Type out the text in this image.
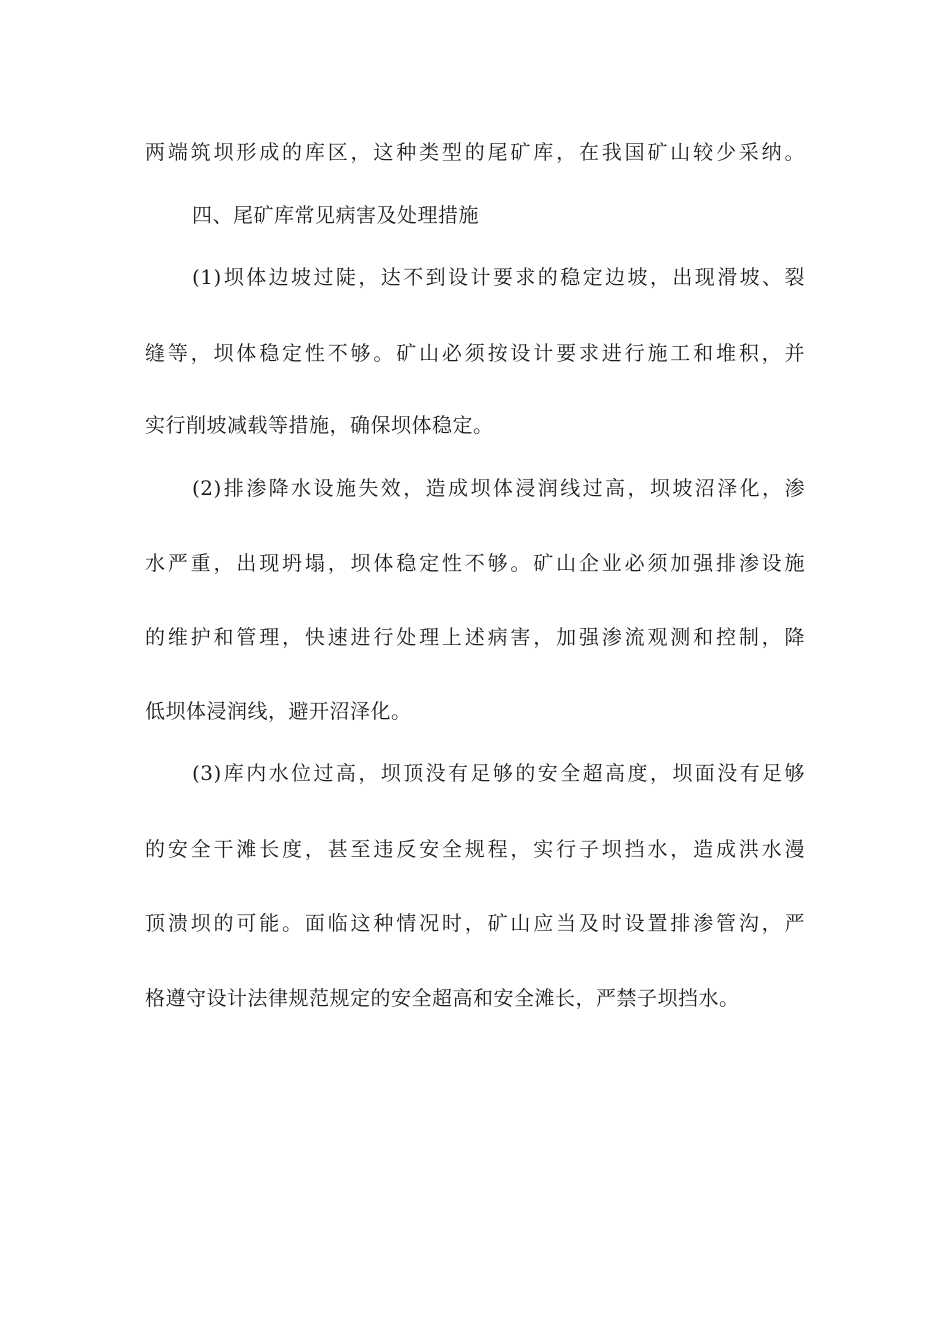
两端筑坝形成的库区，这种类型的尾矿库，在我国矿山较少采纳。
四、尾矿库常见病害及处理措施
(1)坝体边坡过陡，达不到设计要求的稳定边坡，出现滑坡、裂
缝等，坝体稳定性不够。矿山必须按设计要求进行施工和堆积，并
实行削坡减载等措施，确保坝体稳定。
(2)排渗降水设施失效，造成坝体浸润线过高，坝坡沼泽化，渗
水严重，出现坍塌，坝体稳定性不够。矿山企业必须加强排渗设施
的维护和管理，快速进行处理上述病害，加强渗流观测和控制，降
低坝体浸润线，避开沼泽化。
(3)库内水位过高，坝顶没有足够的安全超高度，坝面没有足够
的安全干滩长度，甚至违反安全规程，实行子坝挡水，造成洪水漫
顶溃坝的可能。面临这种情况时，矿山应当及时设置排渗管沟，严
格遵守设计法律规范规定的安全超高和安全滩长，严禁子坝挡水。
